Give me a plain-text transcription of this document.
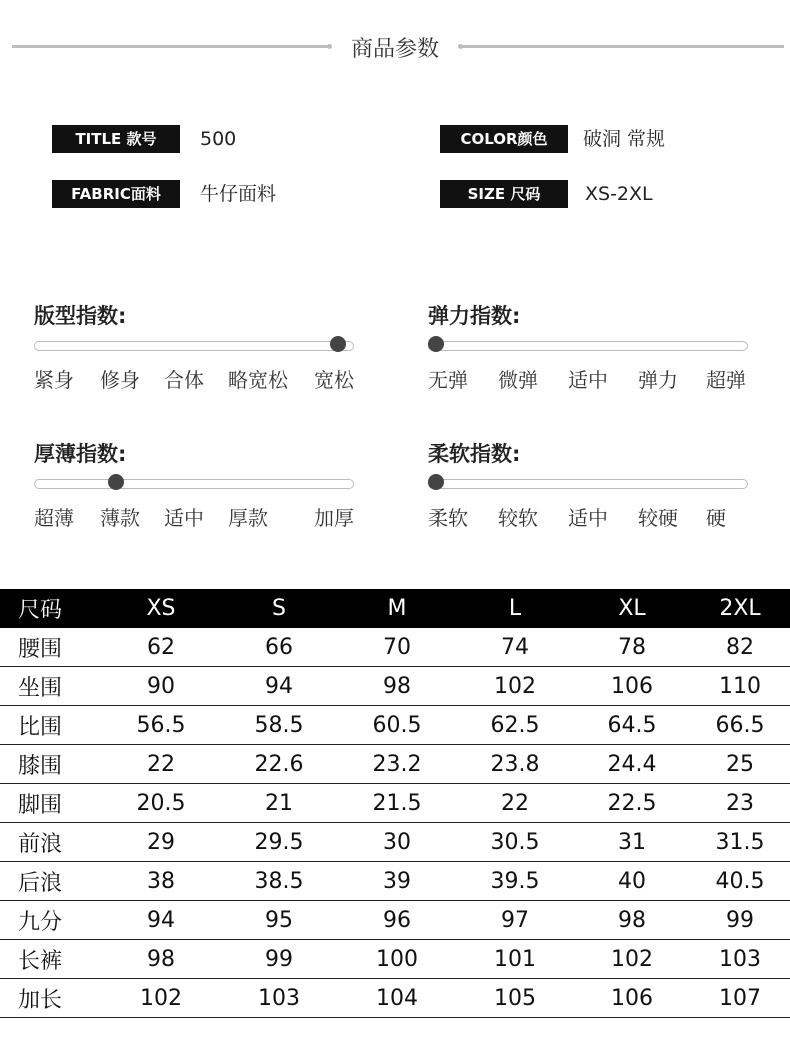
商品参数
TITLE 款号	500	COLOR颜色	破洞 常规
FABRIC面料	牛仔面料	SIZE 尺码	XS-2XL
版型指数:
紧身 修身 合体 略宽松 宽松
弹力指数:
无弹 微弹 适中 弹力 超弹
厚薄指数:
超薄 薄款 适中 厚款 加厚
柔软指数:
柔软 较软 适中 较硬 硬
尺码	XS	S	M	L	XL	2XL
腰围	62	66	70	74	78	82
坐围	90	94	98	102	106	110
比围	56.5	58.5	60.5	62.5	64.5	66.5
膝围	22	22.6	23.2	23.8	24.4	25
脚围	20.5	21	21.5	22	22.5	23
前浪	29	29.5	30	30.5	31	31.5
后浪	38	38.5	39	39.5	40	40.5
九分	94	95	96	97	98	99
长裤	98	99	100	101	102	103
加长	102	103	104	105	106	107
